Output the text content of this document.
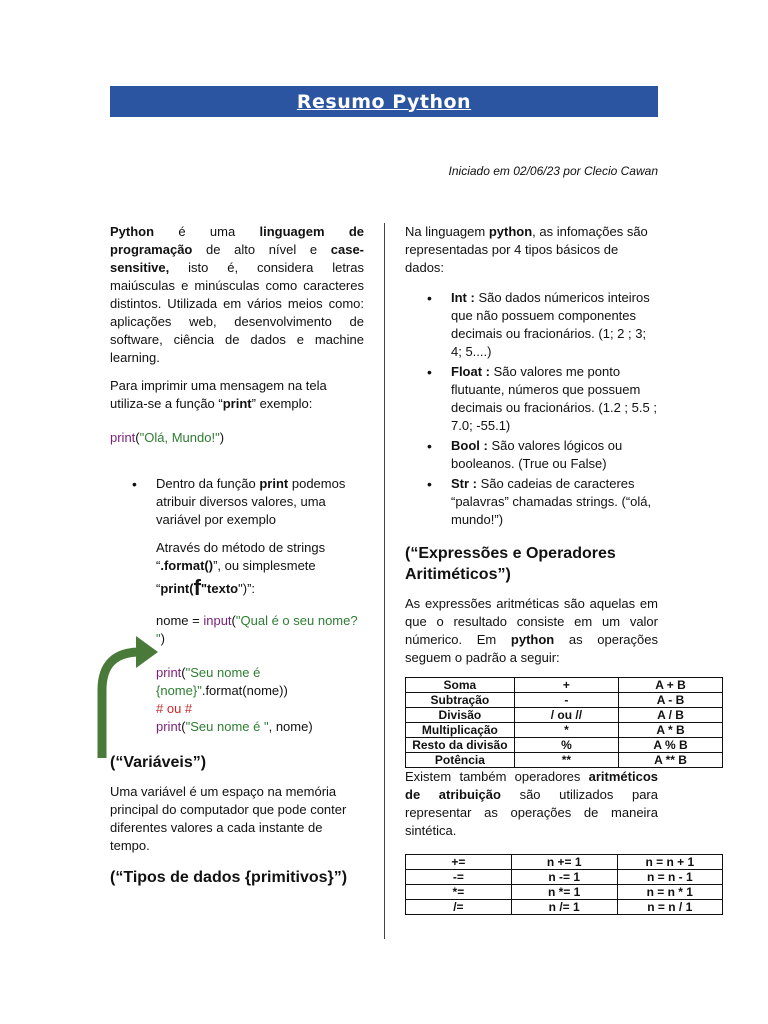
Resumo Python
Iniciado em 02/06/23 por Clecio Cawan

Python é uma linguagem de programação de alto nível e case-sensitive, isto é, considera letras maiúsculas e minúsculas como caracteres distintos. Utilizada em vários meios como: aplicações web, desenvolvimento de software, ciência de dados e machine learning.

Para imprimir uma mensagem na tela utiliza-se a função “print” exemplo:

print("Olá, Mundo!")

• Dentro da função print podemos atribuir diversos valores, uma variável por exemplo

Através do método de strings “.format()”, ou simplesmete

“print(f"texto")”:

nome = input("Qual é o seu nome? ")

print("Seu nome é {nome}".format(nome))

# ou #

print("Seu nome é ", nome)

(“Variáveis”)

Uma variável é um espaço na memória principal do computador que pode conter diferentes valores a cada instante de tempo.

(“Tipos de dados {primitivos}”)

Na linguagem python, as infomações são representadas por 4 tipos básicos de dados:

• Int : São dados númericos inteiros que não possuem componentes decimais ou fracionários. (1; 2 ; 3; 4; 5....)
• Float : São valores me ponto flutuante, números que possuem decimais ou fracionários. (1.2 ; 5.5 ; 7.0; -55.1)
• Bool : São valores lógicos ou booleanos. (True ou False)
• Str : São cadeias de caracteres “palavras” chamadas strings. (“olá, mundo!”)
(“Expressões e Operadores Aritiméticos”)

As expressões aritméticas são aquelas em que o resultado consiste em um valor númerico. Em python as operações seguem o padrão a seguir:

Soma	+	A + B
Subtração	-	A - B
Divisão	/ ou //	A / B
Multiplicação	*	A * B
Resto da divisão	%	A % B
Potência	**	A ** B

Existem também operadores aritméticos de atribuição são utilizados para representar as operações de maneira sintética.

+=	n += 1	n = n + 1
-=	n -= 1	n = n - 1
*=	n *= 1	n = n * 1
/=	n /= 1	n = n / 1
